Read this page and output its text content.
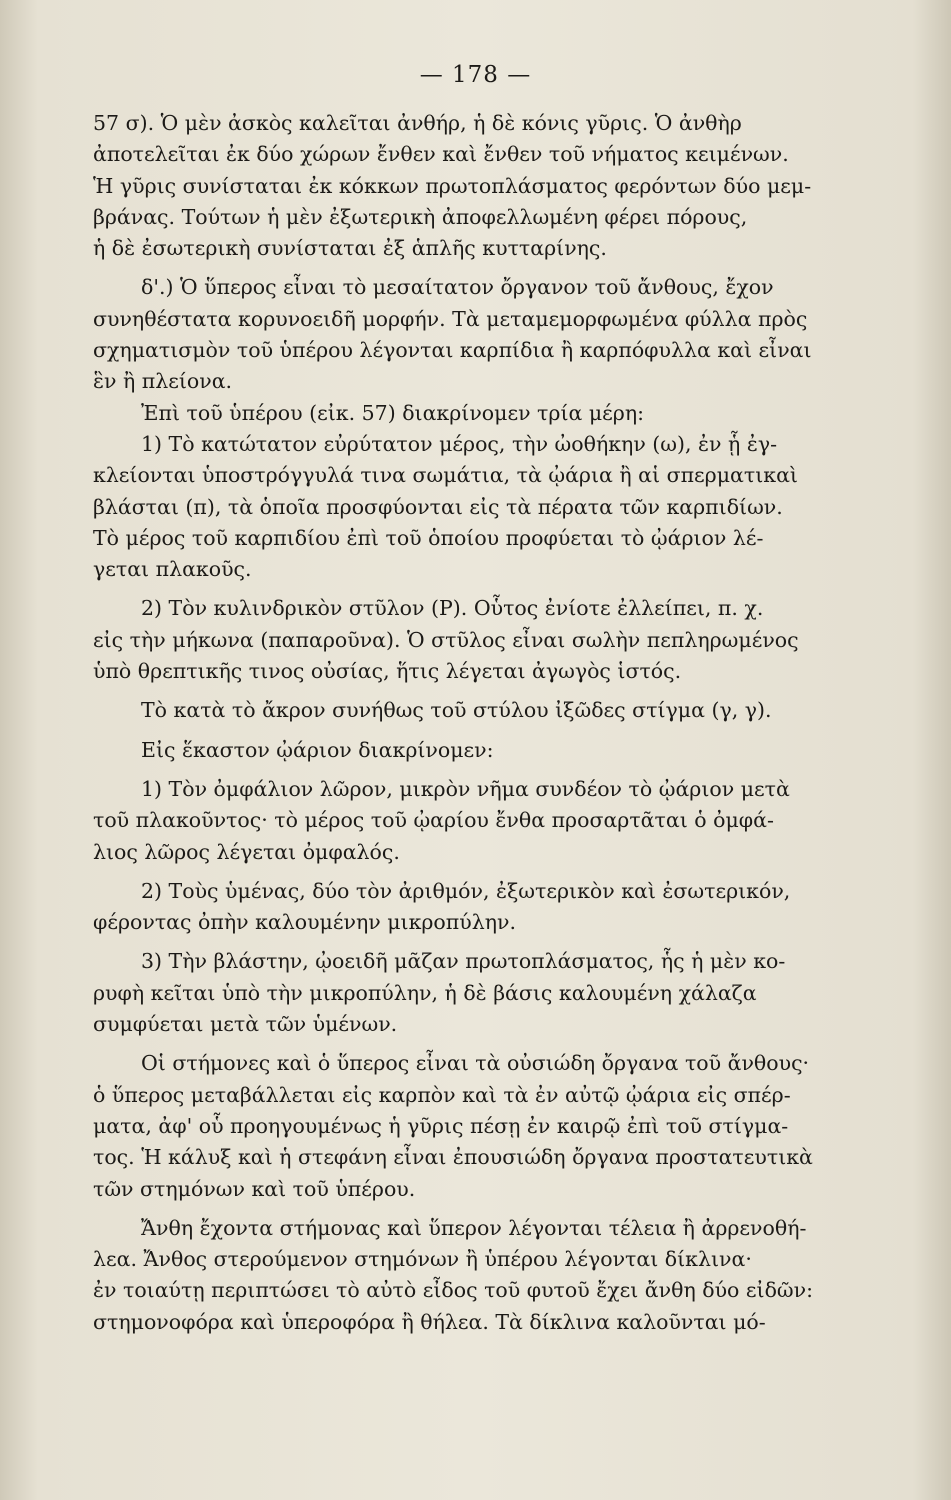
— 178 —
57 σ). Ὁ μὲν ἀσκὸς καλεῖται ἀνθήρ, ἡ δὲ κόνις γῦρις. Ὁ ἀνθὴρ
ἀποτελεῖται ἐκ δύο χώρων ἔνθεν καὶ ἔνθεν τοῦ νήματος κειμένων.
Ἡ γῦρις συνίσταται ἐκ κόκκων πρωτοπλάσματος φερόντων δύο μεμ-
βράνας. Τούτων ἡ μὲν ἐξωτερικὴ ἀποφελλωμένη φέρει πόρους,
ἡ δὲ ἐσωτερικὴ συνίσταται ἐξ ἁπλῆς κυτταρίνης.
δ'.) Ὁ ὕπερος εἶναι τὸ μεσαίτατον ὄργανον τοῦ ἄνθους, ἔχον
συνηθέστατα κορυνοειδῆ μορφήν. Τὰ μεταμεμορφωμένα φύλλα πρὸς
σχηματισμὸν τοῦ ὑπέρου λέγονται καρπίδια ἢ καρπόφυλλα καὶ εἶναι
ἓν ἢ πλείονα.
Ἐπὶ τοῦ ὑπέρου (εἰκ. 57) διακρίνομεν τρία μέρη:
1) Τὸ κατώτατον εὐρύτατον μέρος, τὴν ὠοθήκην (ω), ἐν ᾗ ἐγ-
κλείονται ὑποστρόγγυλά τινα σωμάτια, τὰ ᾠάρια ἢ αἱ σπερματικαὶ
βλάσται (π), τὰ ὁποῖα προσφύονται εἰς τὰ πέρατα τῶν καρπιδίων.
Τὸ μέρος τοῦ καρπιδίου ἐπὶ τοῦ ὁποίου προφύεται τὸ ᾠάριον λέ-
γεται πλακοῦς.
2) Τὸν κυλινδρικὸν στῦλον (Ρ). Οὗτος ἐνίοτε ἐλλείπει, π. χ.
εἰς τὴν μήκωνα (παπαροῦνα). Ὁ στῦλος εἶναι σωλὴν πεπληρωμένος
ὑπὸ θρεπτικῆς τινος οὐσίας, ἥτις λέγεται ἀγωγὸς ἱστός.
Τὸ κατὰ τὸ ἄκρον συνήθως τοῦ στύλου ἰξῶδες στίγμα (γ, γ).
Εἰς ἕκαστον ᾠάριον διακρίνομεν:
1) Τὸν ὀμφάλιον λῶρον, μικρὸν νῆμα συνδέον τὸ ᾠάριον μετὰ
τοῦ πλακοῦντος· τὸ μέρος τοῦ ᾠαρίου ἔνθα προσαρτᾶται ὁ ὀμφά-
λιος λῶρος λέγεται ὀμφαλός.
2) Τοὺς ὑμένας, δύο τὸν ἀριθμόν, ἐξωτερικὸν καὶ ἐσωτερικόν,
φέροντας ὀπὴν καλουμένην μικροπύλην.
3) Τὴν βλάστην, ᾠοειδῆ μᾶζαν πρωτοπλάσματος, ἧς ἡ μὲν κο-
ρυφὴ κεῖται ὑπὸ τὴν μικροπύλην, ἡ δὲ βάσις καλουμένη χάλαζα
συμφύεται μετὰ τῶν ὑμένων.
Οἱ στήμονες καὶ ὁ ὕπερος εἶναι τὰ οὐσιώδη ὄργανα τοῦ ἄνθους·
ὁ ὕπερος μεταβάλλεται εἰς καρπὸν καὶ τὰ ἐν αὐτῷ ᾠάρια εἰς σπέρ-
ματα, ἀφ' οὗ προηγουμένως ἡ γῦρις πέσῃ ἐν καιρῷ ἐπὶ τοῦ στίγμα-
τος. Ἡ κάλυξ καὶ ἡ στεφάνη εἶναι ἐπουσιώδη ὄργανα προστατευτικὰ
τῶν στημόνων καὶ τοῦ ὑπέρου.
Ἄνθη ἔχοντα στήμονας καὶ ὕπερον λέγονται τέλεια ἢ ἀρρενοθή-
λεα. Ἄνθος στερούμενον στημόνων ἢ ὑπέρου λέγονται δίκλινα·
ἐν τοιαύτῃ περιπτώσει τὸ αὐτὸ εἶδος τοῦ φυτοῦ ἔχει ἄνθη δύο εἰδῶν:
στημονοφόρα καὶ ὑπεροφόρα ἢ θήλεα. Τὰ δίκλινα καλοῦνται μό-
